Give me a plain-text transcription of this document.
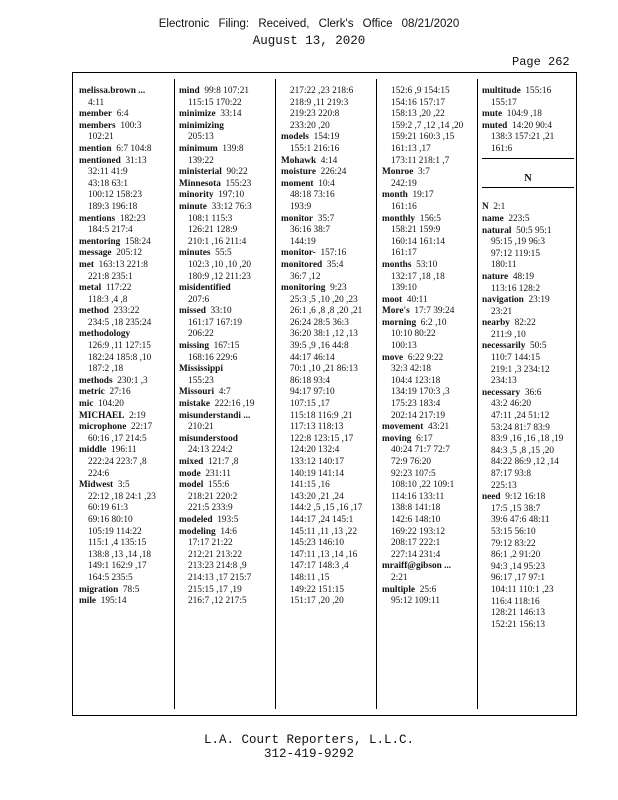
Electronic Filing: Received, Clerk's Office 08/21/2020
August 13, 2020
Page 262
melissa.brown ...
4:11
member 6:4
members 100:3
102:21
mention 6:7 104:8
mentioned 31:13
32:11 41:9
43:18 63:1
100:12 158:23
189:3 196:18
mentions 182:23
184:5 217:4
mentoring 158:24
message 205:12
met 163:13 221:8
221:8 235:1
metal 117:22
118:3 ,4 ,8
method 233:22
234:5 ,18 235:24
methodology
126:9 ,11 127:15
182:24 185:8 ,10
187:2 ,18
methods 230:1 ,3
metric 27:16
mic 104:20
MICHAEL 2:19
microphone 22:17
60:16 ,17 214:5
middle 196:11
222:24 223:7 ,8
224:6
Midwest 3:5
22:12 ,18 24:1 ,23
60:19 61:3
69:16 80:10
105:19 114:22
115:1 ,4 135:15
138:8 ,13 ,14 ,18
149:1 162:9 ,17
164:5 235:5
migration 78:5
mile 195:14
mind 99:8 107:21
115:15 170:22
minimize 33:14
minimizing
205:13
minimum 139:8
139:22
ministerial 90:22
Minnesota 155:23
minority 197:10
minute 33:12 76:3
108:1 115:3
126:21 128:9
210:1 ,16 211:4
minutes 55:5
102:3 ,10 ,10 ,20
180:9 ,12 211:23
misidentified
207:6
missed 33:10
161:17 167:19
206:22
missing 167:15
168:16 229:6
Mississippi
155:23
Missouri 4:7
mistake 222:16 ,19
misunderstandi ...
210:21
misunderstood
24:13 224:2
mixed 121:7 ,8
mode 231:11
model 155:6
218:21 220:2
221:5 233:9
modeled 193:5
modeling 14:6
17:17 21:22
212:21 213:22
213:23 214:8 ,9
214:13 ,17 215:7
215:15 ,17 ,19
216:7 ,12 217:5
217:22 ,23 218:6
218:9 ,11 219:3
219:23 220:8
233:20 ,20
models 154:19
155:1 216:16
Mohawk 4:14
moisture 226:24
moment 10:4
48:18 73:16
193:9
monitor 35:7
36:16 38:7
144:19
monitor- 157:16
monitored 35:4
36:7 ,12
monitoring 9:23
25:3 ,5 ,10 ,20 ,23
26:1 ,6 ,8 ,8 ,20 ,21
26:24 28:5 36:3
36:20 38:1 ,12 ,13
39:5 ,9 ,16 44:8
44:17 46:14
70:1 ,10 ,21 86:13
86:18 93:4
94:17 97:10
107:15 ,17
115:18 116:9 ,21
117:13 118:13
122:8 123:15 ,17
124:20 132:4
133:12 140:17
140:19 141:14
141:15 ,16
143:20 ,21 ,24
144:2 ,5 ,15 ,16 ,17
144:17 ,24 145:1
145:11 ,11 ,13 ,22
145:23 146:10
147:11 ,13 ,14 ,16
147:17 148:3 ,4
148:11 ,15
149:22 151:15
151:17 ,20 ,20
152:6 ,9 154:15
154:16 157:17
158:13 ,20 ,22
159:2 ,7 ,12 ,14 ,20
159:21 160:3 ,15
161:13 ,17
173:11 218:1 ,7
Monroe 3:7
242:19
month 19:17
161:16
monthly 156:5
158:21 159:9
160:14 161:14
161:17
months 53:10
132:17 ,18 ,18
139:10
moot 40:11
More's 17:7 39:24
morning 6:2 ,10
10:10 80:22
100:13
move 6:22 9:22
32:3 42:18
104:4 123:18
134:19 170:3 ,3
175:23 183:4
202:14 217:19
movement 43:21
moving 6:17
40:24 71:7 72:7
72:9 76:20
92:23 107:5
108:10 ,22 109:1
114:16 133:11
138:8 141:18
142:6 148:10
169:22 193:12
208:17 222:1
227:14 231:4
mraiff@gibson ...
2:21
multiple 25:6
95:12 109:11
multitude 155:16
155:17
mute 104:9 ,18
muted 14:20 90:4
138:3 157:21 ,21
161:6
N
N 2:1
name 223:5
natural 50:5 95:1
95:15 ,19 96:3
97:12 119:15
180:11
nature 48:19
113:16 128:2
navigation 23:19
23:21
nearby 82:22
211:9 ,10
necessarily 50:5
110:7 144:15
219:1 ,3 234:12
234:13
necessary 36:6
43:2 46:20
47:11 ,24 51:12
53:24 81:7 83:9
83:9 ,16 ,16 ,18 ,19
84:3 ,5 ,8 ,15 ,20
84:22 86:9 ,12 ,14
87:17 93:8
225:13
need 9:12 16:18
17:5 ,15 38:7
39:6 47:6 48:11
53:15 56:10
79:12 83:22
86:1 ,2 91:20
94:3 ,14 95:23
96:17 ,17 97:1
104:11 110:1 ,23
116:4 118:16
128:21 146:13
152:21 156:13
L.A. Court Reporters, L.L.C.
312-419-9292
